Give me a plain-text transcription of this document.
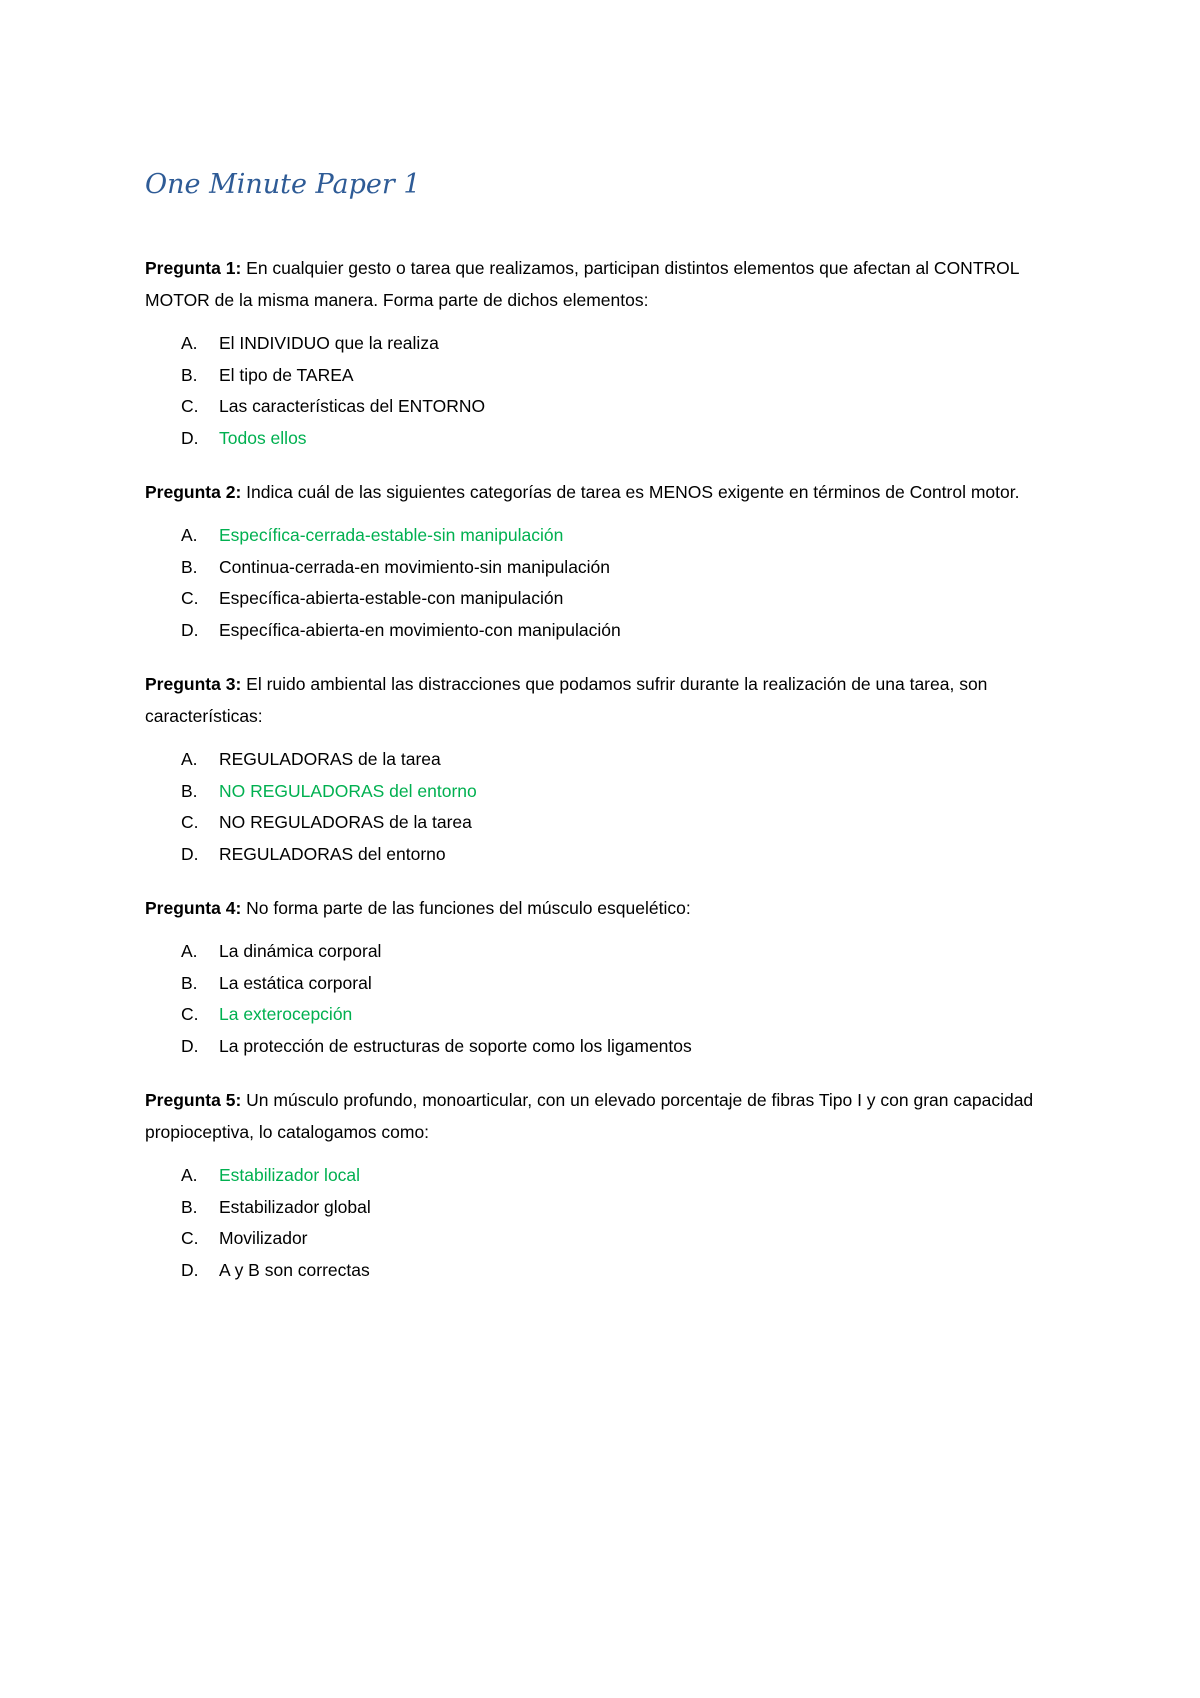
One Minute Paper 1

Pregunta 1: En cualquier gesto o tarea que realizamos, participan distintos elementos que afectan al CONTROL MOTOR de la misma manera. Forma parte de dichos elementos:

A.	El INDIVIDUO que la realiza
B.	El tipo de TAREA
C.	Las características del ENTORNO
D.	Todos ellos

Pregunta 2: Indica cuál de las siguientes categorías de tarea es MENOS exigente en términos de Control motor.

A.	Específica-cerrada-estable-sin manipulación
B.	Continua-cerrada-en movimiento-sin manipulación
C.	Específica-abierta-estable-con manipulación
D.	Específica-abierta-en movimiento-con manipulación

Pregunta 3: El ruido ambiental las distracciones que podamos sufrir durante la realización de una tarea, son características:

A.	REGULADORAS de la tarea
B.	NO REGULADORAS del entorno
C.	NO REGULADORAS de la tarea
D.	REGULADORAS del entorno

Pregunta 4: No forma parte de las funciones del músculo esquelético:

A.	La dinámica corporal
B.	La estática corporal
C.	La exterocepción
D.	La protección de estructuras de soporte como los ligamentos

Pregunta 5: Un músculo profundo, monoarticular, con un elevado porcentaje de fibras Tipo I y con gran capacidad propioceptiva, lo catalogamos como:

A.	Estabilizador local
B.	Estabilizador global
C.	Movilizador
D.	A y B son correctas
